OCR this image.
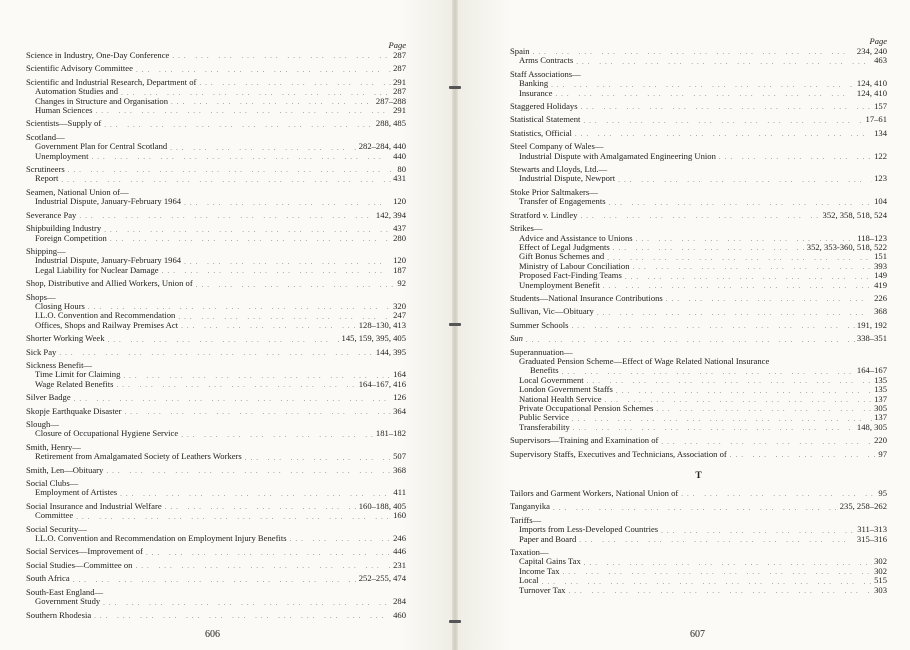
Page
Science in Industry, One-Day Conference ... .	287
Scientific Advisory Committee ... .	287
Scientific and Industrial Research, Department of ... .	291
Automation Studies and ... .	287
Changes in Structure and Organisation ... .	287–288
Human Sciences ... .	291
Scientists—Supply of ... .	288, 485
Scotland—
Government Plan for Central Scotland ... .	282–284, 440
Unemployment ... .	440
Scrutineers ... .	80
Report ... .	431
Seamen, National Union of—
Industrial Dispute, January-February 1964 ... .	120
Severance Pay ... .	142, 394
Shipbuilding Industry ... .	437
Foreign Competition ... .	280
Shipping—
Industrial Dispute, January-February 1964 ... .	120
Legal Liability for Nuclear Damage ... .	187
Shop, Distributive and Allied Workers, Union of ... .	92
Shops—
Closing Hours ... .	320
I.L.O. Convention and Recommendation ... .	247
Offices, Shops and Railway Premises Act ... .	128–130, 413
Shorter Working Week ... .	145, 159, 395, 405
Sick Pay ... .	144, 395
Sickness Benefit—
Time Limit for Claiming ... .	164
Wage Related Benefits ... .	164–167, 416
Silver Badge ... .	126
Skopje Earthquake Disaster ... .	364
Slough—
Closure of Occupational Hygiene Service ... .	181–182
Smith, Henry—
Retirement from Amalgamated Society of Leathers Workers ... .	507
Smith, Len—Obituary ... .	368
Social Clubs—
Employment of Artistes ... .	411
Social Insurance and Industrial Welfare ... .	160–188, 405
Committee ... .	160
Social Security—
I.L.O. Convention and Recommendation on Employment Injury Benefits ... .	246
Social Services—Improvement of ... .	446
Social Studies—Committee on ... .	231
South Africa ... .	252–255, 474
South-East England—
Government Study ... .	284
Southern Rhodesia ... .	460
606
Page
Spain ... .	234, 240
Arms Contracts ... .	463
Staff Associations—
Banking ... .	124, 410
Insurance ... .	124, 410
Staggered Holidays ... .	157
Statistical Statement ... .	17–61
Statistics, Official ... .	134
Steel Company of Wales—
Industrial Dispute with Amalgamated Engineering Union ... .	122
Stewarts and Lloyds, Ltd.—
Industrial Dispute, Newport ... .	123
Stoke Prior Saltmakers—
Transfer of Engagements ... .	104
Stratford v. Lindley ... .	352, 358, 518, 524
Strikes—
Advice and Assistance to Unions ... .	118–123
Effect of Legal Judgments ... .	352, 353-360, 518, 522
Gift Bonus Schemes and ... .	151
Ministry of Labour Conciliation ... .	393
Proposed Fact-Finding Teams ... .	149
Unemployment Benefit ... .	419
Students—National Insurance Contributions ... .	226
Sullivan, Vic—Obituary ... .	368
Summer Schools ... .	191, 192
Sun ... .	338–351
Superannuation—
Graduated Pension Scheme—Effect of Wage Related National Insurance
Benefits ... .	164–167
Local Government ... .	135
London Government Staffs ... .	135
National Health Service ... .	137
Private Occupational Pension Schemes ... .	305
Public Service ... .	137
Transferability ... .	148, 305
Supervisors—Training and Examination of ... .	220
Supervisory Staffs, Executives and Technicians, Association of ... .	97
T
Tailors and Garment Workers, National Union of ... .	95
Tanganyika ... .	235, 258–262
Tariffs—
Imports from Less-Developed Countries ... .	311–313
Paper and Board ... .	315–316
Taxation—
Capital Gains Tax ... .	302
Income Tax ... .	302
Local ... .	515
Turnover Tax ... .	303
607
